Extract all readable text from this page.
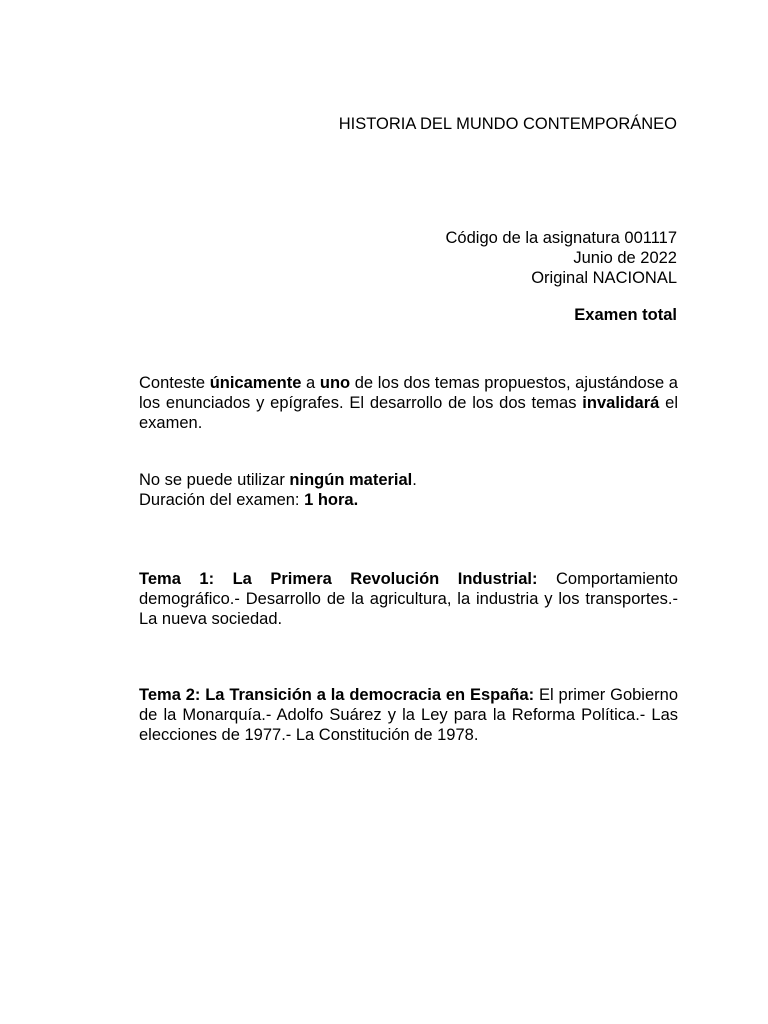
HISTORIA DEL MUNDO CONTEMPORÁNEO
Código de la asignatura 001117
Junio de 2022
Original NACIONAL
Examen total

Conteste únicamente a uno de los dos temas propuestos, ajustándose a los enunciados y epígrafes. El desarrollo de los dos temas invalidará el examen.

No se puede utilizar ningún material.
Duración del examen: 1 hora.

Tema 1: La Primera Revolución Industrial: Comportamiento demográfico.- Desarrollo de la agricultura, la industria y los transportes.- La nueva sociedad.

Tema 2: La Transición a la democracia en España: El primer Gobierno de la Monarquía.- Adolfo Suárez y la Ley para la Reforma Política.- Las elecciones de 1977.- La Constitución de 1978.
